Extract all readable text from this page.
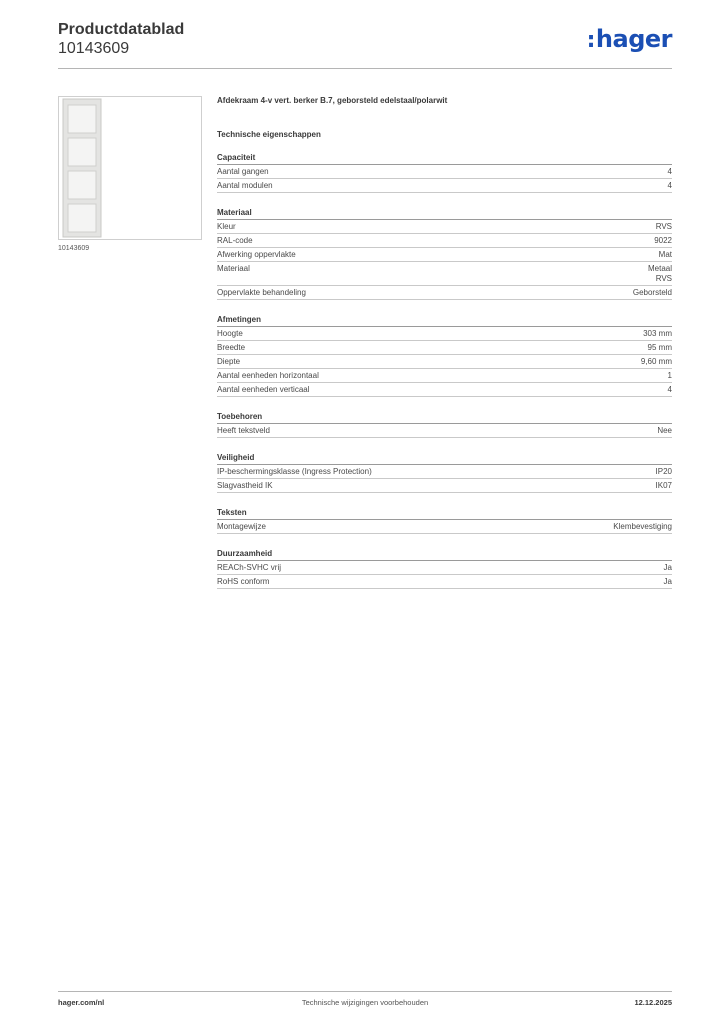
Productdatablad
10143609	:hager
10143609
Afdekraam 4-v vert. berker B.7, geborsteld edelstaal/polarwit
Technische eigenschappen
Capaciteit
Aantal gangen	4
Aantal modulen	4
Materiaal
Kleur	RVS
RAL-code	9022
Afwerking oppervlakte	Mat
Materiaal	Metaal
RVS
Oppervlakte behandeling	Geborsteld
Afmetingen
Hoogte	303 mm
Breedte	95 mm
Diepte	9,60 mm
Aantal eenheden horizontaal	1
Aantal eenheden verticaal	4
Toebehoren
Heeft tekstveld	Nee
Veiligheid
IP-beschermingsklasse (Ingress Protection)	IP20
Slagvastheid IK	IK07
Teksten
Montagewijze	Klembevestiging
Duurzaamheid
REACh-SVHC vrij	Ja
RoHS conform	Ja
hager.com/nl	Technische wijzigingen voorbehouden	12.12.2025
